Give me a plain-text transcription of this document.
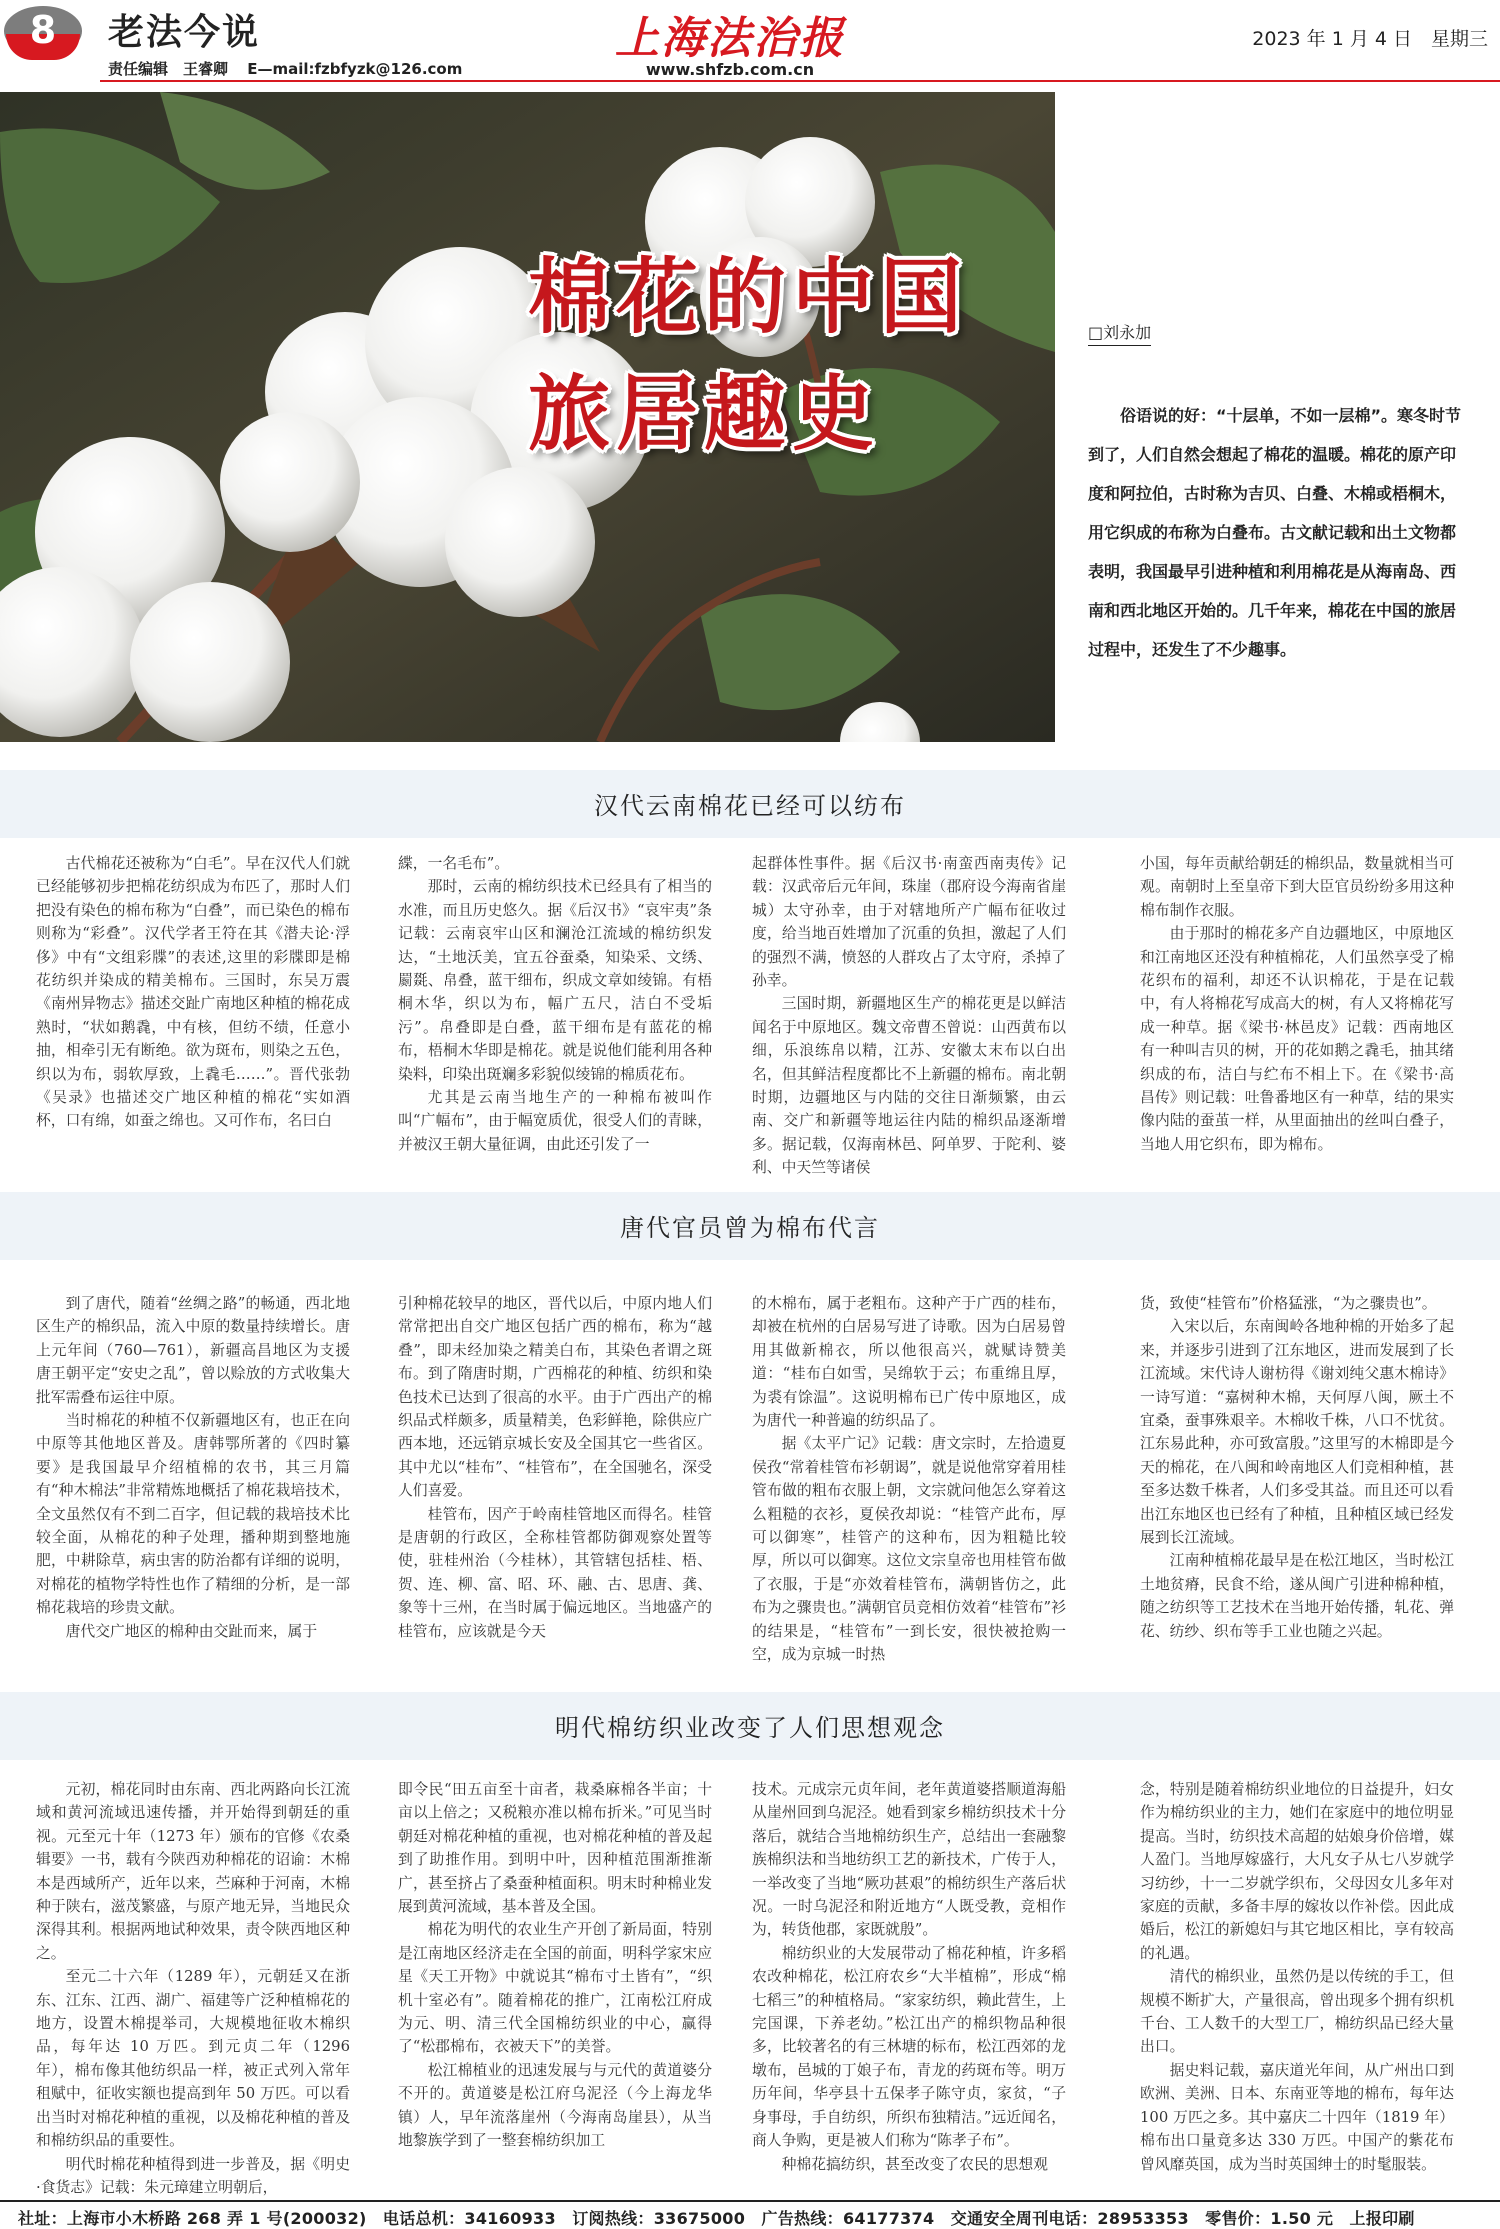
8	老法今说
责任编辑　王睿卿 E—mail:fzbfyzk@126.com
上海法治报
www.shfzb.com.cn
2023 年 1 月 4 日　星期三
棉花的中国旅居趣史
□刘永加
俗语说的好：“十层单，不如一层棉”。寒冬时节到了，人们自然会想起了棉花的温暖。棉花的原产印度和阿拉伯，古时称为吉贝、白叠、木棉或梧桐木，用它织成的布称为白叠布。古文献记载和出土文物都表明，我国最早引进种植和利用棉花是从海南岛、西南和西北地区开始的。几千年来，棉花在中国的旅居过程中，还发生了不少趣事。
汉代云南棉花已经可以纺布

古代棉花还被称为“白毛”。早在汉代人们就已经能够初步把棉花纺织成为布匹了，那时人们把没有染色的棉布称为“白叠”，而已染色的棉布则称为“彩叠”。汉代学者王符在其《潜夫论·浮侈》中有“文组彩牒”的表述,这里的彩牒即是棉花纺织并染成的精美棉布。三国时，东吴万震《南州异物志》描述交趾广南地区种植的棉花成熟时，“状如鹅毳，中有核，但纺不绩，任意小抽，相牵引无有断绝。欲为斑布，则染之五色，织以为布，弱软厚致，上毳毛……”。晋代张勃《吴录》也描述交广地区种植的棉花“实如酒杯，口有绵，如蚕之绵也。又可作布，名曰白

緤，一名毛布”。

那时，云南的棉纺织技术已经具有了相当的水准，而且历史悠久。据《后汉书》“哀牢夷”条记载：云南哀牢山区和澜沧江流域的棉纺织发达，“土地沃美，宜五谷蚕桑，知染采、文绣、罽毲、帛叠，蓝干细布，织成文章如绫锦。有梧桐木华，织以为布，幅广五尺，洁白不受垢污”。帛叠即是白叠，蓝干细布是有蓝花的棉布，梧桐木华即是棉花。就是说他们能利用各种染料，印染出斑斓多彩貌似绫锦的棉质花布。

尤其是云南当地生产的一种棉布被叫作叫“广幅布”，由于幅宽质优，很受人们的青睐，并被汉王朝大量征调，由此还引发了一

起群体性事件。据《后汉书·南蛮西南夷传》记载：汉武帝后元年间，珠崖（郡府设今海南省崖城）太守孙幸，由于对辖地所产广幅布征收过度，给当地百姓增加了沉重的负担，激起了人们的强烈不满，愤怒的人群攻占了太守府，杀掉了孙幸。

三国时期，新疆地区生产的棉花更是以鲜洁闻名于中原地区。魏文帝曹丕曾说：山西黄布以细，乐浪练帛以精，江苏、安徽太末布以白出名，但其鲜洁程度都比不上新疆的棉布。南北朝时期，边疆地区与内陆的交往日渐频繁，由云南、交广和新疆等地运往内陆的棉织品逐渐增多。据记载，仅海南林邑、阿单罗、于陀利、婆利、中天竺等诸侯

小国，每年贡献给朝廷的棉织品，数量就相当可观。南朝时上至皇帝下到大臣官员纷纷多用这种棉布制作衣服。

由于那时的棉花多产自边疆地区，中原地区和江南地区还没有种植棉花，人们虽然享受了棉花织布的福利，却还不认识棉花，于是在记载中，有人将棉花写成高大的树，有人又将棉花写成一种草。据《梁书·林邑皮》记载：西南地区有一种叫吉贝的树，开的花如鹅之毳毛，抽其绪织成的布，洁白与纻布不相上下。在《梁书·高昌传》则记载：吐鲁番地区有一种草，结的果实像内陆的蚕茧一样，从里面抽出的丝叫白叠子，当地人用它织布，即为棉布。

唐代官员曾为棉布代言

到了唐代，随着“丝绸之路”的畅通，西北地区生产的棉织品，流入中原的数量持续增长。唐上元年间（760—761），新疆高昌地区为支援唐王朝平定“安史之乱”，曾以赊放的方式收集大批军需叠布运往中原。

当时棉花的种植不仅新疆地区有，也正在向中原等其他地区普及。唐韩鄂所著的《四时纂要》是我国最早介绍植棉的农书，其三月篇有“种木棉法”非常精炼地概括了棉花栽培技术，全文虽然仅有不到二百字，但记载的栽培技术比较全面，从棉花的种子处理，播种期到整地施肥，中耕除草，病虫害的防治都有详细的说明，对棉花的植物学特性也作了精细的分析，是一部棉花栽培的珍贵文献。

唐代交广地区的棉种由交趾而来，属于

引种棉花较早的地区，晋代以后，中原内地人们常常把出自交广地区包括广西的棉布，称为“越叠”，即未经加染之精美白布，其染色者谓之斑布。到了隋唐时期，广西棉花的种植、纺织和染色技术已达到了很高的水平。由于广西出产的棉织品式样颇多，质量精美，色彩鲜艳，除供应广西本地，还远销京城长安及全国其它一些省区。其中尤以“桂布”、“桂管布”，在全国驰名，深受人们喜爱。

桂管布，因产于岭南桂管地区而得名。桂管是唐朝的行政区，全称桂管都防御观察处置等使，驻桂州治（今桂林），其管辖包括桂、梧、贺、连、柳、富、昭、环、融、古、思唐、龚、象等十三州，在当时属于偏远地区。当地盛产的桂管布，应该就是今天

的木棉布，属于老粗布。这种产于广西的桂布，却被在杭州的白居易写进了诗歌。因为白居易曾用其做新棉衣，所以他很高兴，就赋诗赞美道：“桂布白如雪，吴绵软于云；布重绵且厚，为裘有馀温”。这说明棉布已广传中原地区，成为唐代一种普遍的纺织品了。

据《太平广记》记载：唐文宗时，左拾遗夏侯孜“常着桂管布衫朝谒”，就是说他常穿着用桂管布做的粗布衣服上朝，文宗就问他怎么穿着这么粗糙的衣衫，夏侯孜却说：“桂管产此布，厚可以御寒”，桂管产的这种布，因为粗糙比较厚，所以可以御寒。这位文宗皇帝也用桂管布做了衣服，于是“亦效着桂管布，满朝皆仿之，此布为之骤贵也。”满朝官员竞相仿效着“桂管布”衫的结果是，“桂管布”一到长安，很快被抢购一空，成为京城一时热

货，致使“桂管布”价格猛涨，“为之骤贵也”。

入宋以后，东南闽岭各地种棉的开始多了起来，并逐步引进到了江东地区，进而发展到了长江流域。宋代诗人谢枋得《谢刘纯父惠木棉诗》一诗写道：“嘉树种木棉，天何厚八闽，厥土不宜桑，蚕事殊艰辛。木棉收千株，八口不忧贫。江东易此种，亦可致富殷。”这里写的木棉即是今天的棉花，在八闽和岭南地区人们竞相种植，甚至多达数千株者，人们多受其益。而且还可以看出江东地区也已经有了种植，且种植区域已经发展到长江流域。

江南种植棉花最早是在松江地区，当时松江土地贫瘠，民食不给，遂从闽广引进种棉种植，随之纺织等工艺技术在当地开始传播，轧花、弹花、纺纱、织布等手工业也随之兴起。

明代棉纺织业改变了人们思想观念

元初，棉花同时由东南、西北两路向长江流域和黄河流域迅速传播，并开始得到朝廷的重视。元至元十年（1273 年）颁布的官修《农桑辑要》一书，载有今陕西劝种棉花的诏谕：木棉本是西域所产，近年以来，苎麻种于河南，木棉种于陕右，滋茂繁盛，与原产地无异，当地民众深得其利。根据两地试种效果，责令陕西地区种之。

至元二十六年（1289 年），元朝廷又在浙东、江东、江西、湖广、福建等广泛种植棉花的地方，设置木棉提举司，大规模地征收木棉织品，每年达 10 万匹。到元贞二年（1296 年），棉布像其他纺织品一样，被正式列入常年租赋中，征收实额也提高到年 50 万匹。可以看出当时对棉花种植的重视，以及棉花种植的普及和棉纺织品的重要性。

明代时棉花种植得到进一步普及，据《明史·食货志》记载：朱元璋建立明朝后，

即令民“田五亩至十亩者，栽桑麻棉各半亩；十亩以上倍之；又税粮亦准以棉布折米。”可见当时朝廷对棉花种植的重视，也对棉花种植的普及起到了助推作用。到明中叶，因种植范围渐推渐广，甚至挤占了桑蚕种植面积。明末时种棉业发展到黄河流域，基本普及全国。

棉花为明代的农业生产开创了新局面，特别是江南地区经济走在全国的前面，明科学家宋应星《天工开物》中就说其“棉布寸土皆有”，“织机十室必有”。随着棉花的推广，江南松江府成为元、明、清三代全国棉纺织业的中心，赢得了“松郡棉布，衣被天下”的美誉。

松江棉植业的迅速发展与与元代的黄道婆分不开的。黄道婆是松江府乌泥泾（今上海龙华镇）人，早年流落崖州（今海南岛崖县），从当地黎族学到了一整套棉纺织加工

技术。元成宗元贞年间，老年黄道婆搭顺道海船从崖州回到乌泥泾。她看到家乡棉纺织技术十分落后，就结合当地棉纺织生产，总结出一套融黎族棉织法和当地纺织工艺的新技术，广传于人，一举改变了当地“厥功甚艰”的棉纺织生产落后状况。一时乌泥泾和附近地方“人既受教，竞相作为，转货他郡，家既就殷”。

棉纺织业的大发展带动了棉花种植，许多稻农改种棉花，松江府农乡“大半植棉”，形成“棉七稻三”的种植格局。“家家纺织，赖此营生，上完国课，下养老幼。”松江出产的棉织物品种很多，比较著名的有三林塘的标布，松江西郊的龙墩布，邑城的丁娘子布，青龙的药斑布等。明万历年间，华亭县十五保孝子陈守贞，家贫，“子身事母，手自纺织，所织布独精洁。”远近闻名，商人争购，更是被人们称为“陈孝子布”。

种棉花搞纺织，甚至改变了农民的思想观

念，特别是随着棉纺织业地位的日益提升，妇女作为棉纺织业的主力，她们在家庭中的地位明显提高。当时，纺织技术高超的姑娘身价倍增，媒人盈门。当地厚嫁盛行，大凡女子从七八岁就学习纺纱，十一二岁就学织布，父母因女儿多年对家庭的贡献，多备丰厚的嫁妆以作补偿。因此成婚后，松江的新媳妇与其它地区相比，享有较高的礼遇。

清代的棉织业，虽然仍是以传统的手工，但规模不断扩大，产量很高，曾出现多个拥有织机千台、工人数千的大型工厂，棉纺织品已经大量出口。

据史料记载，嘉庆道光年间，从广州出口到欧洲、美洲、日本、东南亚等地的棉布，每年达 100 万匹之多。其中嘉庆二十四年（1819 年）棉布出口量竟多达 330 万匹。中国产的紫花布曾风靡英国，成为当时英国绅士的时髦服装。

社址：上海市小木桥路 268 弄 1 号(200032)　电话总机：34160933　订阅热线：33675000　广告热线：64177374　交通安全周刊电话：28953353　零售价：1.50 元　上报印刷
